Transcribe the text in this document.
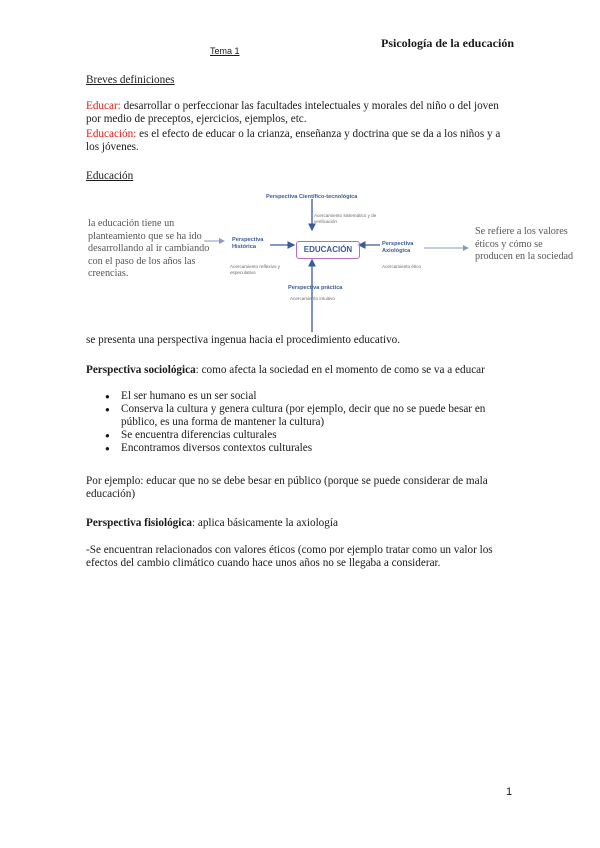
Psicología de la educación
Tema 1
Breves definiciones
Educar: desarrollar o perfeccionar las facultades intelectuales y morales del niño o del joven por medio de preceptos, ejercicios, ejemplos, etc.
Educación: es el efecto de educar o la crianza, enseñanza y doctrina que se da a los niños y a los jóvenes.
Educación
la educación tiene un planteamiento que se ha ido desarrollando al ir cambiando con el paso de los años las creencias.
Perspectiva Científico-tecnológica
Acercamiento sistemático y de verificación
Perspectiva Histórica
Acercamiento reflexivo y especulativo
EDUCACIÓN
Perspectiva Axiológica
Acercamiento ético
Perspectiva práctica
Acercamiento intuitivo
Se refiere a los valores éticos y cómo se producen en la sociedad
se presenta una perspectiva ingenua hacia el procedimiento educativo.
Perspectiva sociológica: como afecta la sociedad en el momento de como se va a educar
● El ser humano es un ser social
● Conserva la cultura y genera cultura (por ejemplo, decir que no se puede besar en público, es una forma de mantener la cultura)
● Se encuentra diferencias culturales
● Encontramos diversos contextos culturales
Por ejemplo: educar que no se debe besar en público (porque se puede considerar de mala educación)
Perspectiva fisiológica: aplica básicamente la axiología
-Se encuentran relacionados con valores éticos (como por ejemplo tratar como un valor los efectos del cambio climático cuando hace unos años no se llegaba a considerar.
1
